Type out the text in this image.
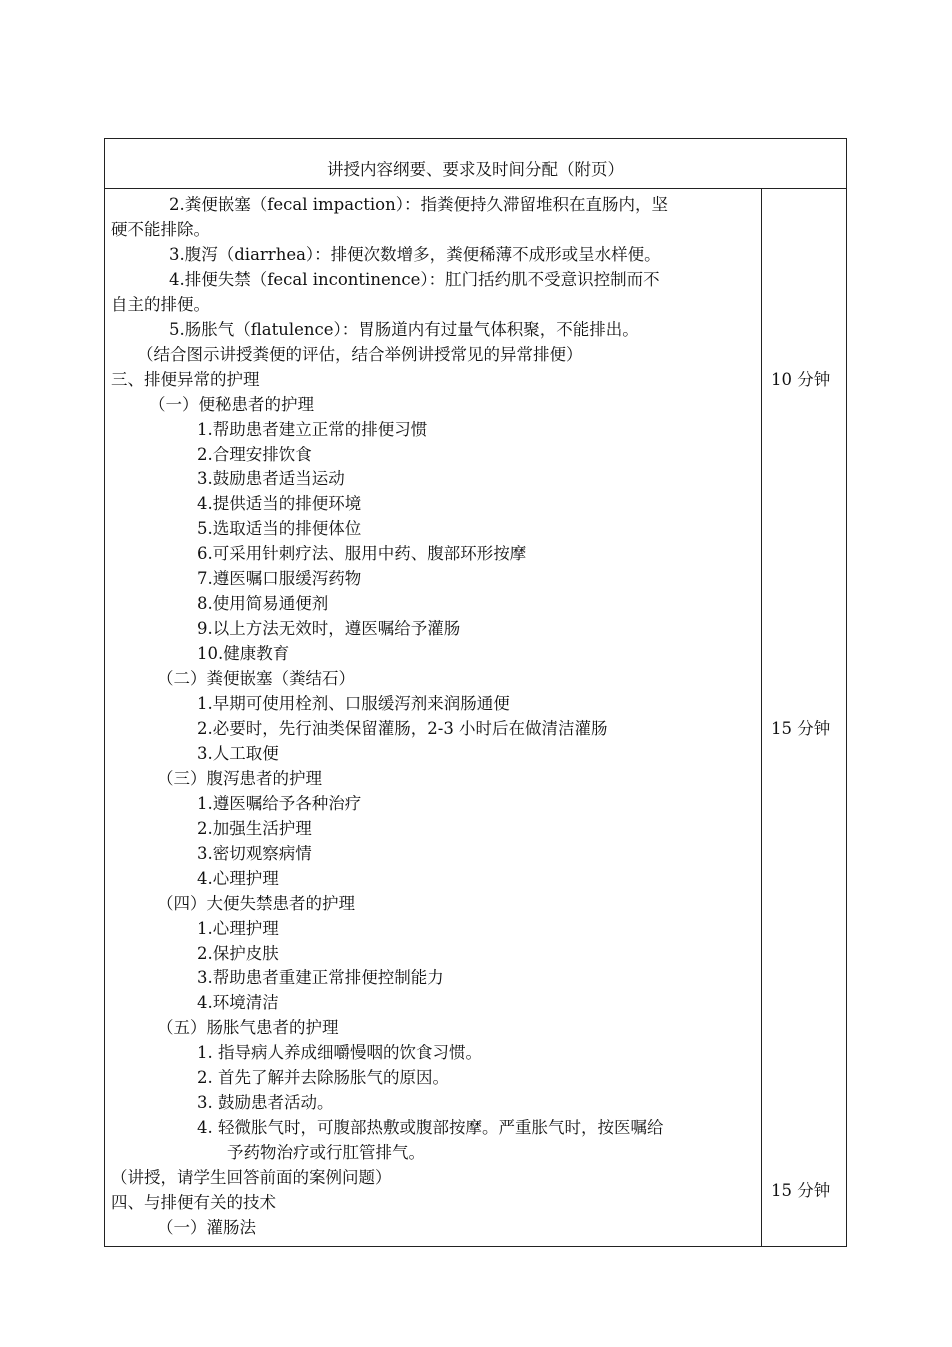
讲授内容纲要、要求及时间分配（附页）
2.粪便嵌塞（fecal impaction）：指粪便持久滞留堆积在直肠内，坚
硬不能排除。
3.腹泻（diarrhea）：排便次数增多，粪便稀薄不成形或呈水样便。
4.排便失禁（fecal incontinence）：肛门括约肌不受意识控制而不
自主的排便。
5.肠胀气（flatulence）：胃肠道内有过量气体积聚，不能排出。
（结合图示讲授粪便的评估，结合举例讲授常见的异常排便）
三、排便异常的护理
（一）便秘患者的护理
1.帮助患者建立正常的排便习惯
2.合理安排饮食
3.鼓励患者适当运动
4.提供适当的排便环境
5.选取适当的排便体位
6.可采用针刺疗法、服用中药、腹部环形按摩
7.遵医嘱口服缓泻药物
8.使用简易通便剂
9.以上方法无效时，遵医嘱给予灌肠
10.健康教育
（二）粪便嵌塞（粪结石）
1.早期可使用栓剂、口服缓泻剂来润肠通便
2.必要时，先行油类保留灌肠，2-3 小时后在做清洁灌肠
3.人工取便
（三）腹泻患者的护理
1.遵医嘱给予各种治疗
2.加强生活护理
3.密切观察病情
4.心理护理
（四）大便失禁患者的护理
1.心理护理
2.保护皮肤
3.帮助患者重建正常排便控制能力
4.环境清洁
（五）肠胀气患者的护理
1. 指导病人养成细嚼慢咽的饮食习惯。
2. 首先了解并去除肠胀气的原因。
3. 鼓励患者活动。
4. 轻微胀气时，可腹部热敷或腹部按摩。严重胀气时，按医嘱给
予药物治疗或行肛管排气。
（讲授，请学生回答前面的案例问题）
四、与排便有关的技术
（一）灌肠法
10 分钟
15 分钟
15 分钟
